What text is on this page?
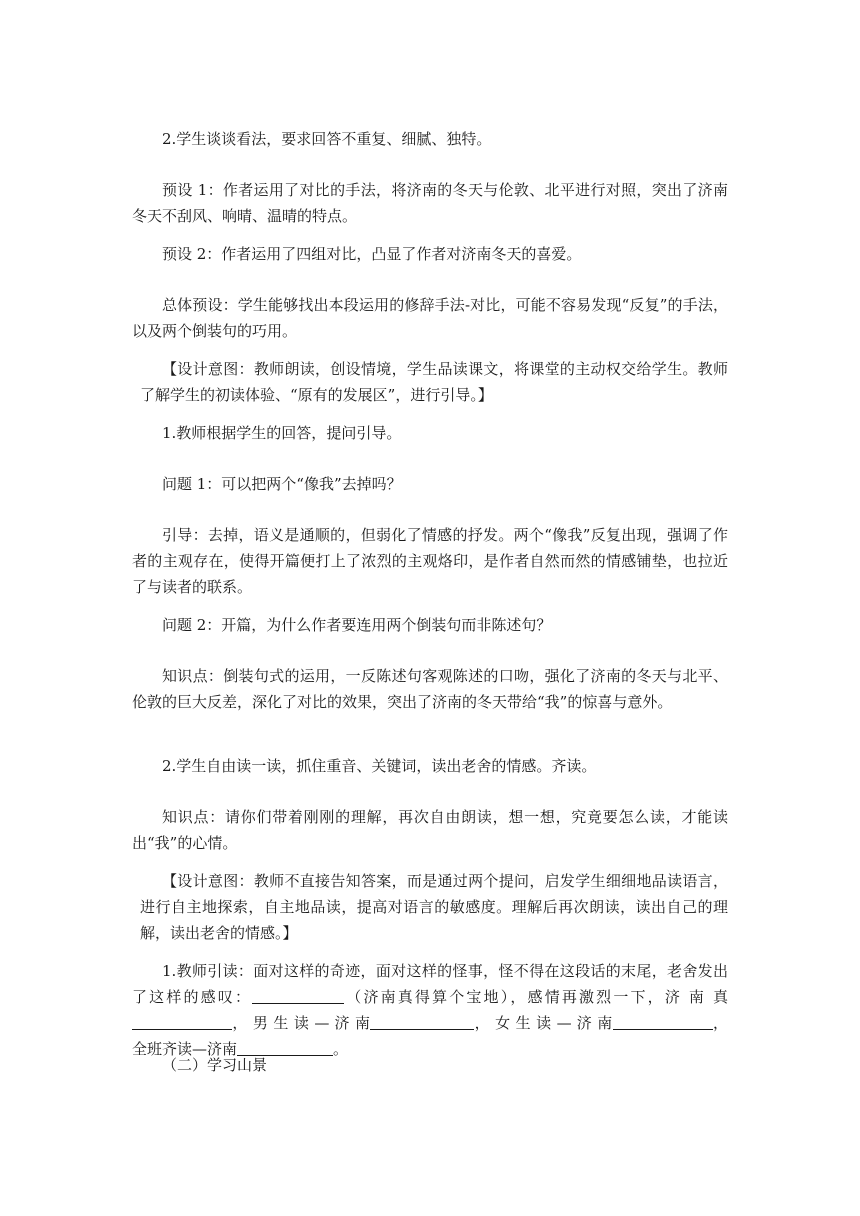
2.学生谈谈看法，要求回答不重复、细腻、独特。

预设 1：作者运用了对比的手法，将济南的冬天与伦敦、北平进行对照，突出了济南冬天不刮风、响晴、温晴的特点。

预设 2：作者运用了四组对比，凸显了作者对济南冬天的喜爱。

总体预设：学生能够找出本段运用的修辞手法-对比，可能不容易发现“反复”的手法，以及两个倒装句的巧用。

【设计意图：教师朗读，创设情境，学生品读课文，将课堂的主动权交给学生。教师了解学生的初读体验、“原有的发展区”，进行引导。】

1.教师根据学生的回答，提问引导。

问题 1：可以把两个“像我”去掉吗？

引导：去掉，语义是通顺的，但弱化了情感的抒发。两个“像我”反复出现，强调了作者的主观存在，使得开篇便打上了浓烈的主观烙印，是作者自然而然的情感铺垫，也拉近了与读者的联系。

问题 2：开篇，为什么作者要连用两个倒装句而非陈述句？

知识点：倒装句式的运用，一反陈述句客观陈述的口吻，强化了济南的冬天与北平、伦敦的巨大反差，深化了对比的效果，突出了济南的冬天带给“我”的惊喜与意外。

2.学生自由读一读，抓住重音、关键词，读出老舍的情感。齐读。

知识点：请你们带着刚刚的理解，再次自由朗读，想一想，究竟要怎么读，才能读出“我”的心情。

【设计意图：教师不直接告知答案，而是通过两个提问，启发学生细细地品读语言，进行自主地探索，自主地品读，提高对语言的敏感度。理解后再次朗读，读出自己的理解，读出老舍的情感。】

1.教师引读：面对这样的奇迹，面对这样的怪事，怪不得在这段话的末尾，老舍发出了这样的感叹：	（济南真得算个宝地），感情再激烈一下，济 南 真， 男 生 读 — 济 南	， 女 生 读 — 济 南	，全班齐读—济南	。

（二）学习山景
